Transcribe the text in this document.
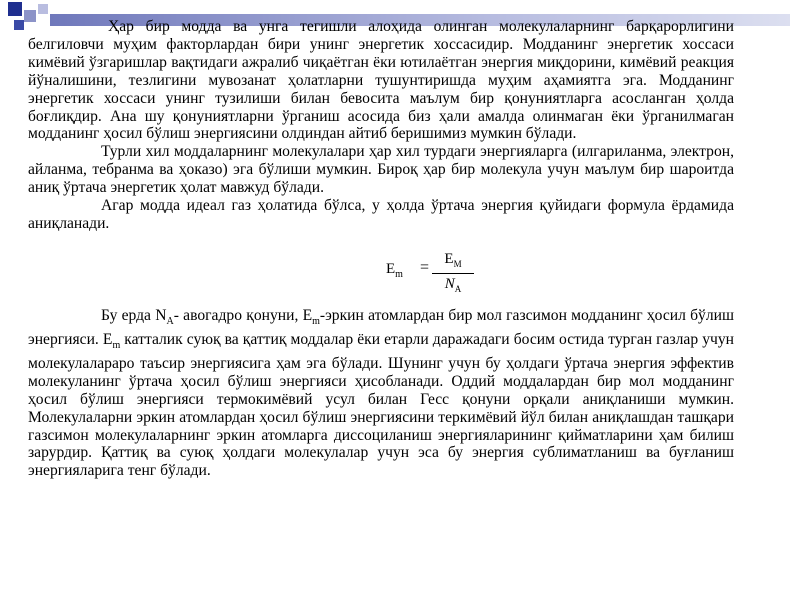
Ҳар бир модда ва унга тегишли алоҳида олинган молекулаларнинг барқарорлигини белгиловчи муҳим факторлардан бири унинг энергетик хоссасидир. Модданинг энергетик хоссаси кимёвий ўзгаришлар вақтидаги ажралиб чиқаётган ёки ютилаётган энергия миқдорини, кимёвий реакция йўналишини, тезлигини мувозанат ҳолатларни тушунтиришда муҳим аҳамиятга эга. Модданинг энергетик хоссаси унинг тузилиши билан бевосита маълум бир қонуниятларга асосланган ҳолда боғлиқдир. Ана шу қонуниятларни ўрганиш асосида биз ҳали амалда олинмаган ёки ўрганилмаган модданинг ҳосил бўлиш энергиясини олдиндан айтиб беришимиз мумкин бўлади.

Турли хил моддаларнинг молекулалари ҳар хил турдаги энергияларга (илгариланма, электрон, айланма, тебранма ва ҳоказо) эга бўлиши мумкин. Бироқ ҳар бир молекула учун маълум бир шароитда аниқ ўртача энергетик ҳолат мавжуд бўлади.

Агар модда идеал газ ҳолатида бўлса, у ҳолда ўртача энергия қуйидаги формула ёрдамида аниқланади.

$E_m$ =	$E_M$
$N_A$

Бу ерда $N_A-$ авогадро қонуни, $E_m$-эркин атомлардан бир мол газсимон модданинг ҳосил бўлиш энергияси. $E_m$ катталик суюқ ва қаттиқ моддалар ёки етарли даражадаги босим остида турган газлар учун молекулалараро таъсир энергиясига ҳам эга бўлади. Шунинг учун бу ҳолдаги ўртача энергия эффектив молекуланинг ўртача ҳосил бўлиш энергияси ҳисобланади. Оддий моддалардан бир мол модданинг ҳосил бўлиш энергияси термокимёвий усул билан Гесс қонуни орқали аниқланиши мумкин. Молекулаларни эркин атомлардан ҳосил бўлиш энергиясини теркимёвий йўл билан аниқлашдан ташқари газсимон молекулаларнинг эркин атомларга диссоциланиш энергияларининг қийматларини ҳам билиш зарурдир. Қаттиқ ва суюқ ҳолдаги молекулалар учун эса бу энергия сублиматланиш ва буғланиш энергияларига тенг бўлади.
